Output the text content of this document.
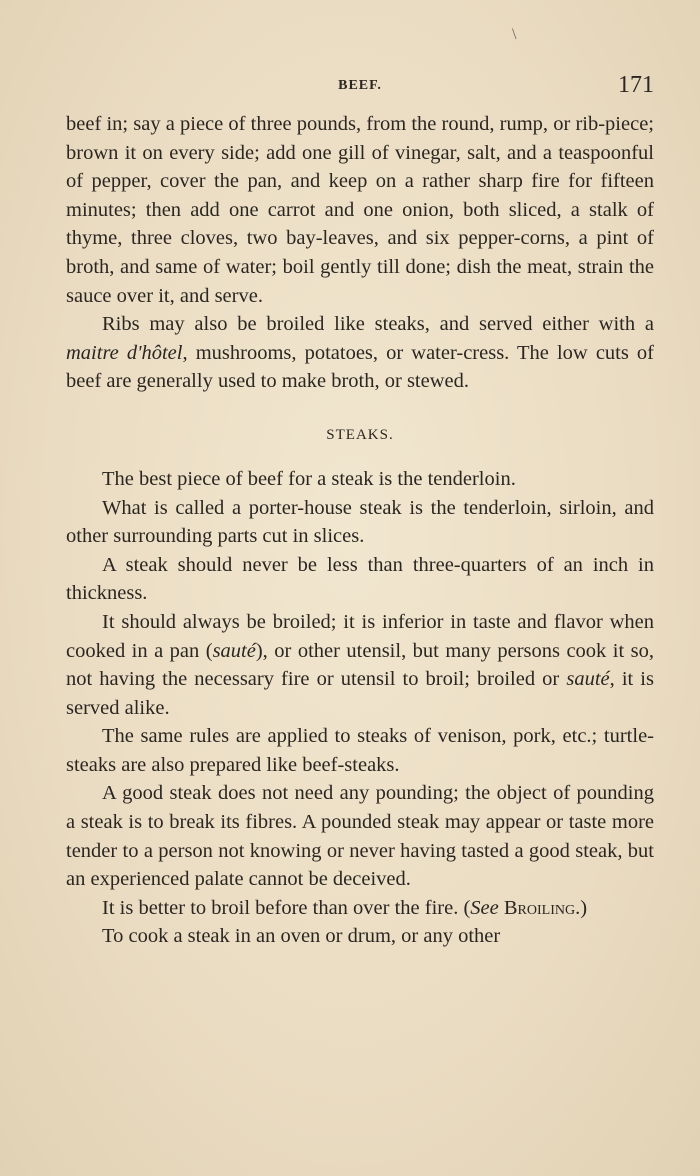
\
BEEF.	171

beef in; say a piece of three pounds, from the round, rump, or rib-piece; brown it on every side; add one gill of vinegar, salt, and a teaspoonful of pepper, cover the pan, and keep on a rather sharp fire for fifteen minutes; then add one carrot and one onion, both sliced, a stalk of thyme, three cloves, two bay-leaves, and six pepper-corns, a pint of broth, and same of water; boil gently till done; dish the meat, strain the sauce over it, and serve.

Ribs may also be broiled like steaks, and served either with a maitre d'hôtel, mushrooms, potatoes, or water-cress. The low cuts of beef are generally used to make broth, or stewed.

STEAKS.

The best piece of beef for a steak is the tenderloin.

What is called a porter-house steak is the tenderloin, sirloin, and other surrounding parts cut in slices.

A steak should never be less than three-quarters of an inch in thickness.

It should always be broiled; it is inferior in taste and flavor when cooked in a pan (sauté), or other utensil, but many persons cook it so, not having the necessary fire or utensil to broil; broiled or sauté, it is served alike.

The same rules are applied to steaks of venison, pork, etc.; turtle-steaks are also prepared like beef-steaks.

A good steak does not need any pounding; the object of pounding a steak is to break its fibres. A pounded steak may appear or taste more tender to a person not knowing or never having tasted a good steak, but an experienced palate cannot be deceived.

It is better to broil before than over the fire. (See Broiling.)

To cook a steak in an oven or drum, or any other
